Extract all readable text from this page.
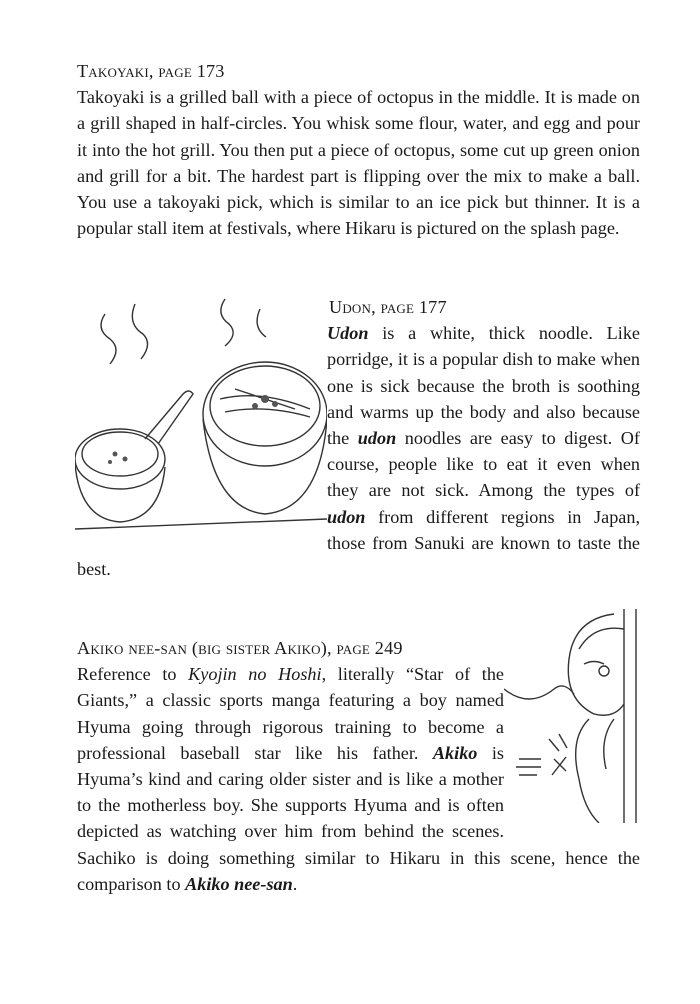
Takoyaki, page 173

Takoyaki is a grilled ball with a piece of octopus in the middle. It is made on a grill shaped in half-circles. You whisk some flour, water, and egg and pour it into the hot grill. You then put a piece of octopus, some cut up green onion and grill for a bit. The hardest part is flipping over the mix to make a ball. You use a takoyaki pick, which is similar to an ice pick but thinner. It is a popular stall item at festivals, where Hikaru is pictured on the splash page.

Udon, page 177

Udon is a white, thick noodle. Like porridge, it is a popular dish to make when one is sick because the broth is soothing and warms up the body and also because the udon noodles are easy to digest. Of course, people like to eat it even when they are not sick. Among the types of udon from different regions in Japan, those from Sanuki are known to taste the best.

Akiko nee-san (big sister Akiko), page 249

Reference to Kyojin no Hoshi, literally “Star of the Giants,” a classic sports manga featuring a boy named Hyuma going through rigorous training to become a professional baseball star like his father. Akiko is Hyuma’s kind and caring older sister and is like a mother to the motherless boy. She supports Hyuma and is often depicted as watching over him from behind the scenes. Sachiko is doing something similar to Hikaru in this scene, hence the comparison to Akiko nee-san.
